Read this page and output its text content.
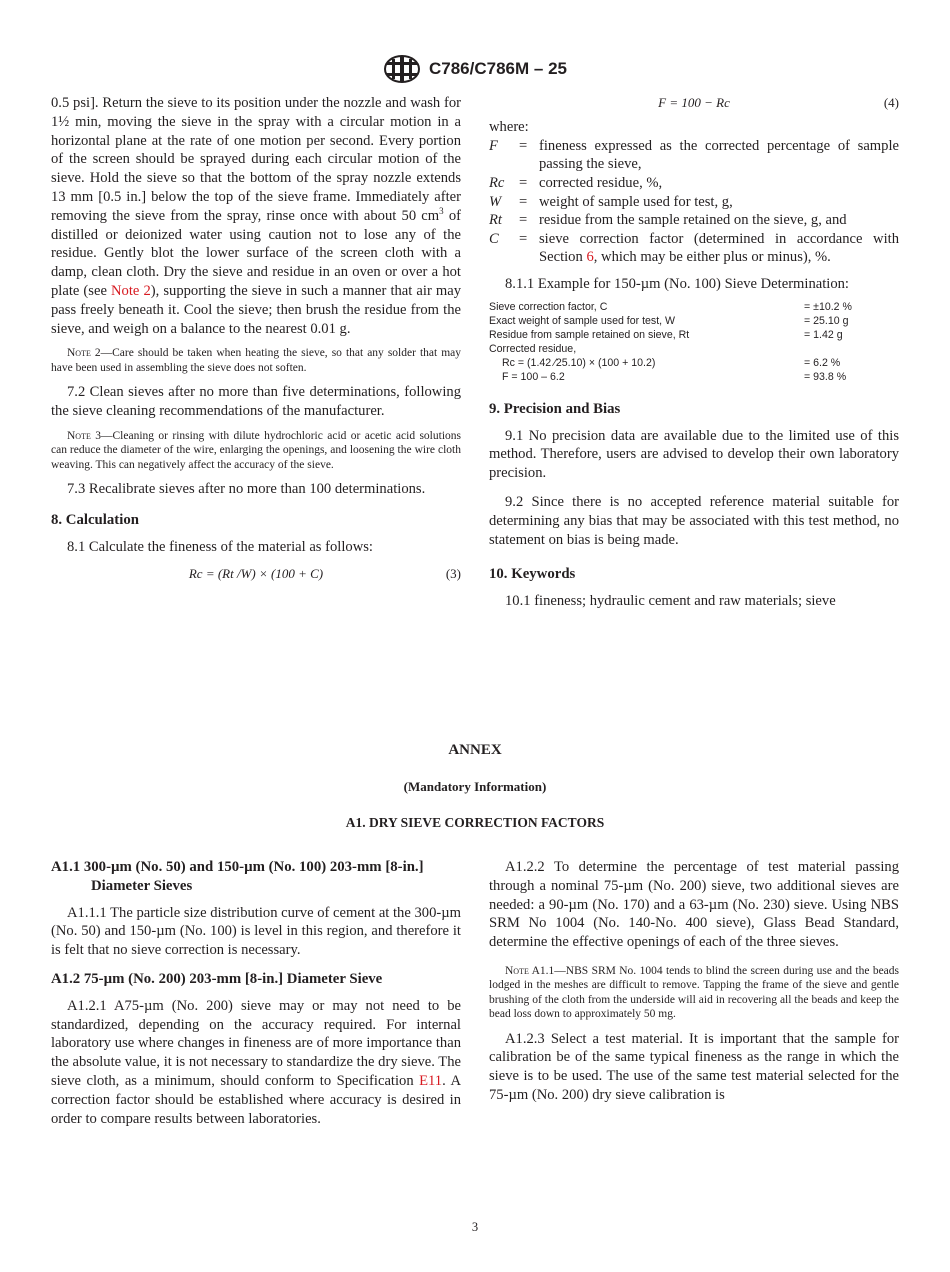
C786/C786M – 25

0.5 psi]. Return the sieve to its position under the nozzle and wash for 1½ min, moving the sieve in the spray with a circular motion in a horizontal plane at the rate of one motion per second. Every portion of the screen should be sprayed during each circular motion of the sieve. Hold the sieve so that the bottom of the spray nozzle extends 13 mm [0.5 in.] below the top of the sieve frame. Immediately after removing the sieve from the spray, rinse once with about 50 $cm^3$ of distilled or deionized water using caution not to lose any of the residue. Gently blot the lower surface of the screen cloth with a damp, clean cloth. Dry the sieve and residue in an oven or over a hot plate (see Note 2), supporting the sieve in such a manner that air may pass freely beneath it. Cool the sieve; then brush the residue from the sieve, and weigh on a balance to the nearest 0.01 g.

Note 2—Care should be taken when heating the sieve, so that any solder that may have been used in assembling the sieve does not soften.

7.2 Clean sieves after no more than five determinations, following the sieve cleaning recommendations of the manufacturer.

Note 3—Cleaning or rinsing with dilute hydrochloric acid or acetic acid solutions can reduce the diameter of the wire, enlarging the openings, and loosening the wire cloth weaving. This can negatively affect the accuracy of the sieve.

7.3 Recalibrate sieves after no more than 100 determinations.

8. Calculation

8.1 Calculate the fineness of the material as follows:

Rc = (Rt /W) × (100 + C)	(3)
F = 100 − Rc	(4)

where:

F	= fineness expressed as the corrected percentage of sample passing the sieve,
Rc = corrected residue, %,
W	= weight of sample used for test, g,
Rt	= residue from the sample retained on the sieve, g, and
C	= sieve correction factor (determined in accordance with Section 6, which may be either plus or minus), %.

8.1.1 Example for 150-µm (No. 100) Sieve Determination:

Sieve correction factor, C	= ±10.2 %
Exact weight of sample used for test, W	= 25.10 g
Residue from sample retained on sieve, Rt	= 1.42 g
Corrected residue,
Rc = (1.42 ⁄25.10) × (100 + 10.2)	= 6.2 %
F = 100 – 6.2	= 93.8 %

9. Precision and Bias

9.1 No precision data are available due to the limited use of this method. Therefore, users are advised to develop their own laboratory precision.

9.2 Since there is no accepted reference material suitable for determining any bias that may be associated with this test method, no statement on bias is being made.

10. Keywords

10.1 fineness; hydraulic cement and raw materials; sieve

ANNEX
(Mandatory Information)
A1. DRY SIEVE CORRECTION FACTORS

A1.1 300-µm (No. 50) and 150-µm (No. 100) 203-mm [8-in.] Diameter Sieves

A1.1.1 The particle size distribution curve of cement at the 300-µm (No. 50) and 150-µm (No. 100) is level in this region, and therefore it is felt that no sieve correction is necessary.

A1.2 75-µm (No. 200) 203-mm [8-in.] Diameter Sieve

A1.2.1 A75-µm (No. 200) sieve may or may not need to be standardized, depending on the accuracy required. For internal laboratory use where changes in fineness are of more importance than the absolute value, it is not necessary to standardize the dry sieve. The sieve cloth, as a minimum, should conform to Specification E11. A correction factor should be established where accuracy is desired in order to compare results between laboratories.

A1.2.2 To determine the percentage of test material passing through a nominal 75-µm (No. 200) sieve, two additional sieves are needed: a 90-µm (No. 170) and a 63-µm (No. 230) sieve. Using NBS SRM No 1004 (No. 140-No. 400 sieve), Glass Bead Standard, determine the effective openings of each of the three sieves.

Note A1.1—NBS SRM No. 1004 tends to blind the screen during use and the beads lodged in the meshes are difficult to remove. Tapping the frame of the sieve and gentle brushing of the cloth from the underside will aid in recovering all the beads and keep the bead loss down to approximately 50 mg.

A1.2.3 Select a test material. It is important that the sample for calibration be of the same typical fineness as the range in which the sieve is to be used. The use of the same test material selected for the 75-µm (No. 200) dry sieve calibration is

3
